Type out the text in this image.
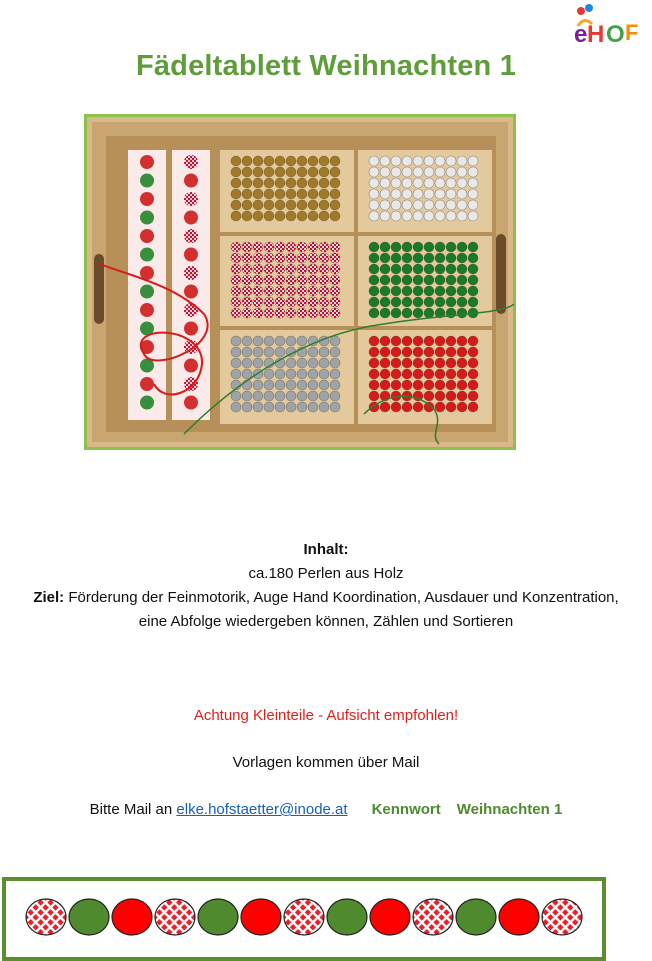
e H O F
Fädeltablett Weihnachten 1
Inhalt:
ca.180 Perlen aus Holz
Ziel: Förderung der Feinmotorik, Auge Hand Koordination, Ausdauer und Konzentration,
eine Abfolge wiedergeben können, Zählen und Sortieren
Achtung Kleinteile - Aufsicht empfohlen!
Vorlagen kommen über Mail
Bitte Mail an elke.hofstaetter@inode.at Kennwort Weihnachten 1
